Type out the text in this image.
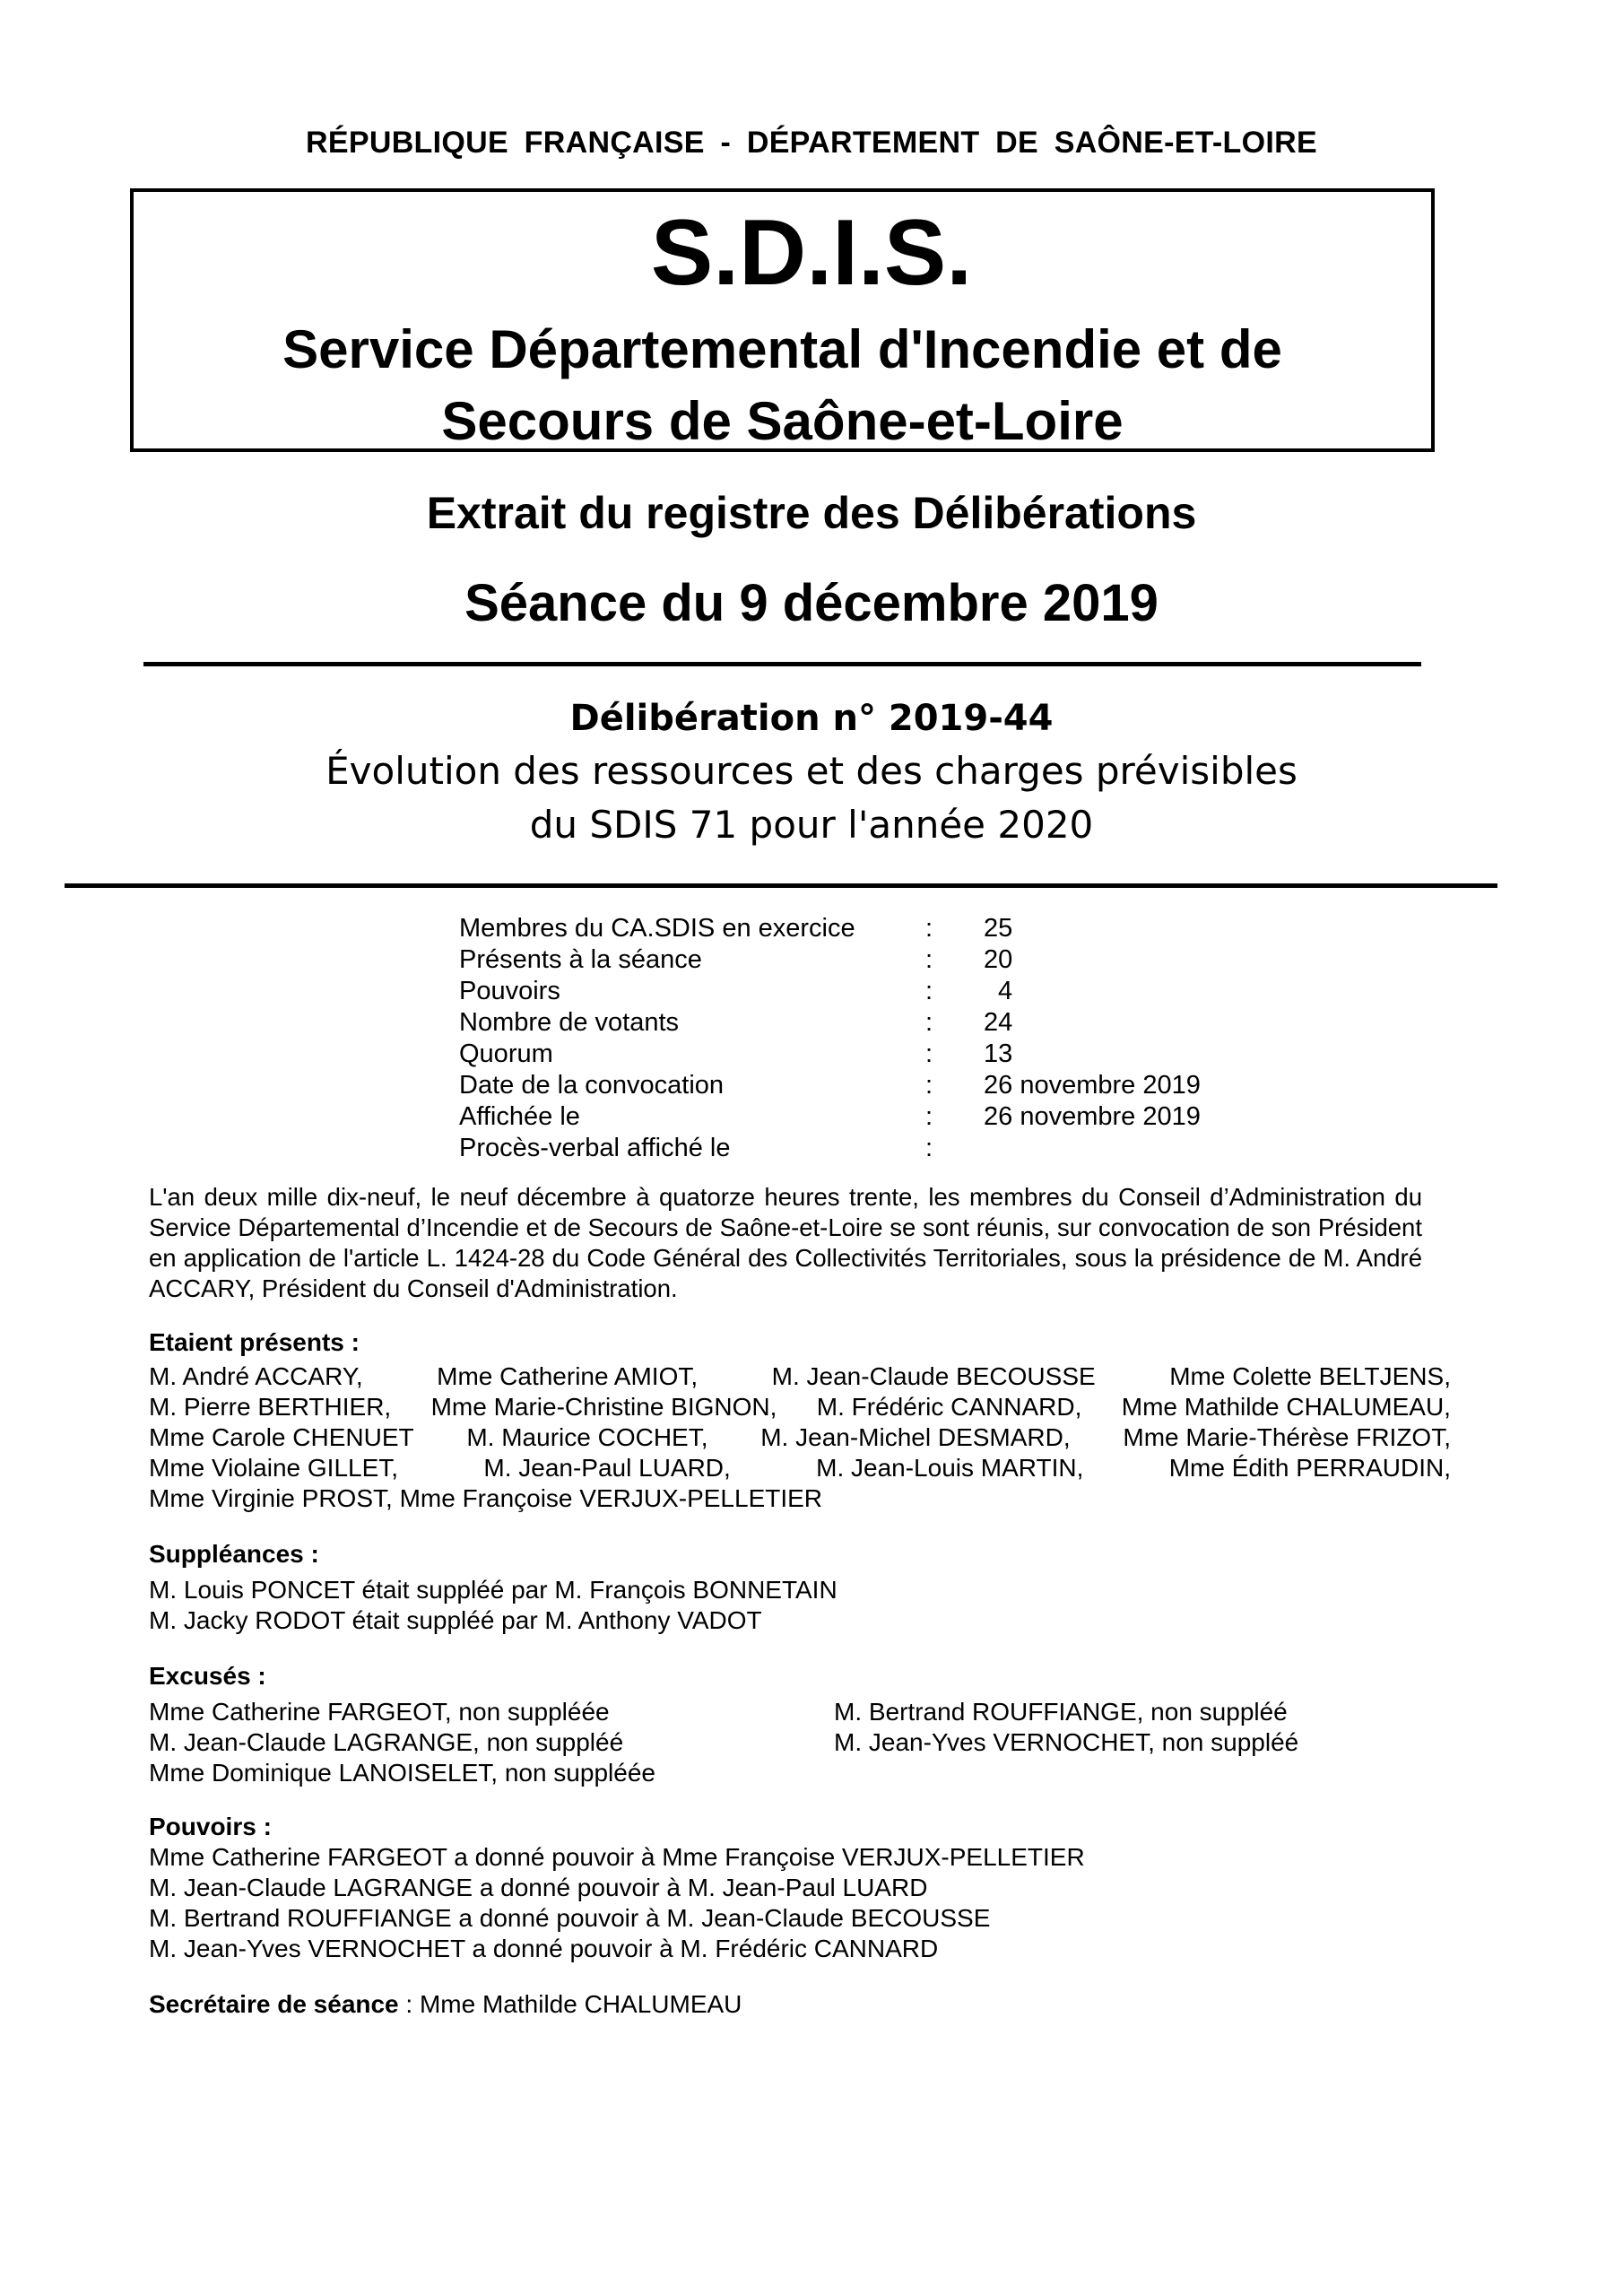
RÉPUBLIQUE FRANÇAISE - DÉPARTEMENT DE SAÔNE-ET-LOIRE
S.D.I.S.
Service Départemental d'Incendie et de
Secours de Saône-et-Loire
Extrait du registre des Délibérations
Séance du 9 décembre 2019
Délibération n° 2019-44
Évolution des ressources et des charges prévisibles
du SDIS 71 pour l'année 2020
Membres du CA.SDIS en exercice	: 25
Présents à la séance	: 20
Pouvoirs	:	4
Nombre de votants	: 24
Quorum	: 13
Date de la convocation	: 26 novembre 2019
Affichée le	: 26 novembre 2019
Procès-verbal affiché le	:
L'an deux mille dix-neuf, le neuf décembre à quatorze heures trente, les membres du Conseil d’Administration du Service Départemental d’Incendie et de Secours de Saône-et-Loire se sont réunis, sur convocation de son Président en application de l'article L. 1424-28 du Code Général des Collectivités Territoriales, sous la présidence de M. André ACCARY, Président du Conseil d'Administration.
Etaient présents :
M. André ACCARY,	Mme Catherine AMIOT,	M. Jean-Claude BECOUSSE	Mme Colette BELTJENS,
M. Pierre BERTHIER, Mme Marie-Christine BIGNON, M. Frédéric CANNARD, Mme Mathilde CHALUMEAU,
Mme Carole CHENUET M. Maurice COCHET, M. Jean-Michel DESMARD, Mme Marie-Thérèse FRIZOT,
Mme Violaine GILLET,	M. Jean-Paul LUARD,	M. Jean-Louis MARTIN,	Mme Édith PERRAUDIN,
Mme Virginie PROST, Mme Françoise VERJUX-PELLETIER
Suppléances :
M. Louis PONCET était suppléé par M. François BONNETAIN
M. Jacky RODOT était suppléé par M. Anthony VADOT
Excusés :
Mme Catherine FARGEOT, non suppléée
M. Jean-Claude LAGRANGE, non suppléé
Mme Dominique LANOISELET, non suppléée
M. Bertrand ROUFFIANGE, non suppléé
M. Jean-Yves VERNOCHET, non suppléé
Pouvoirs :
Mme Catherine FARGEOT a donné pouvoir à Mme Françoise VERJUX-PELLETIER
M. Jean-Claude LAGRANGE a donné pouvoir à M. Jean-Paul LUARD
M. Bertrand ROUFFIANGE a donné pouvoir à M. Jean-Claude BECOUSSE
M. Jean-Yves VERNOCHET a donné pouvoir à M. Frédéric CANNARD
Secrétaire de séance : Mme Mathilde CHALUMEAU
